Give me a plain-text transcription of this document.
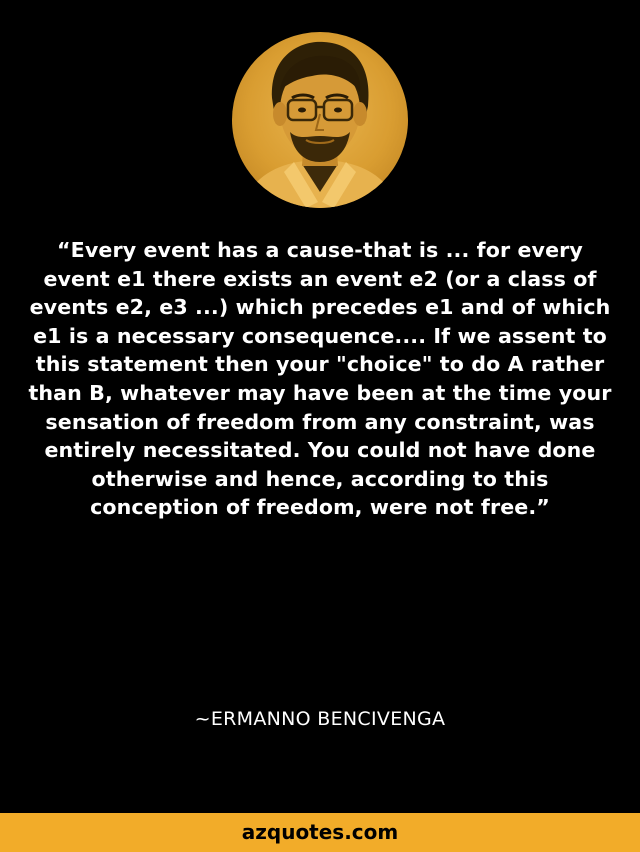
“Every event has a cause-that is ... for every event e1 there exists an event e2 (or a class of events e2, e3 ...) which precedes e1 and of which e1 is a necessary consequence.... If we assent to this statement then your "choice" to do A rather than B, whatever may have been at the time your sensation of freedom from any constraint, was entirely necessitated. You could not have done otherwise and hence, according to this conception of freedom, were not free.”

~ERMANNO BENCIVENGA
azquotes.com
